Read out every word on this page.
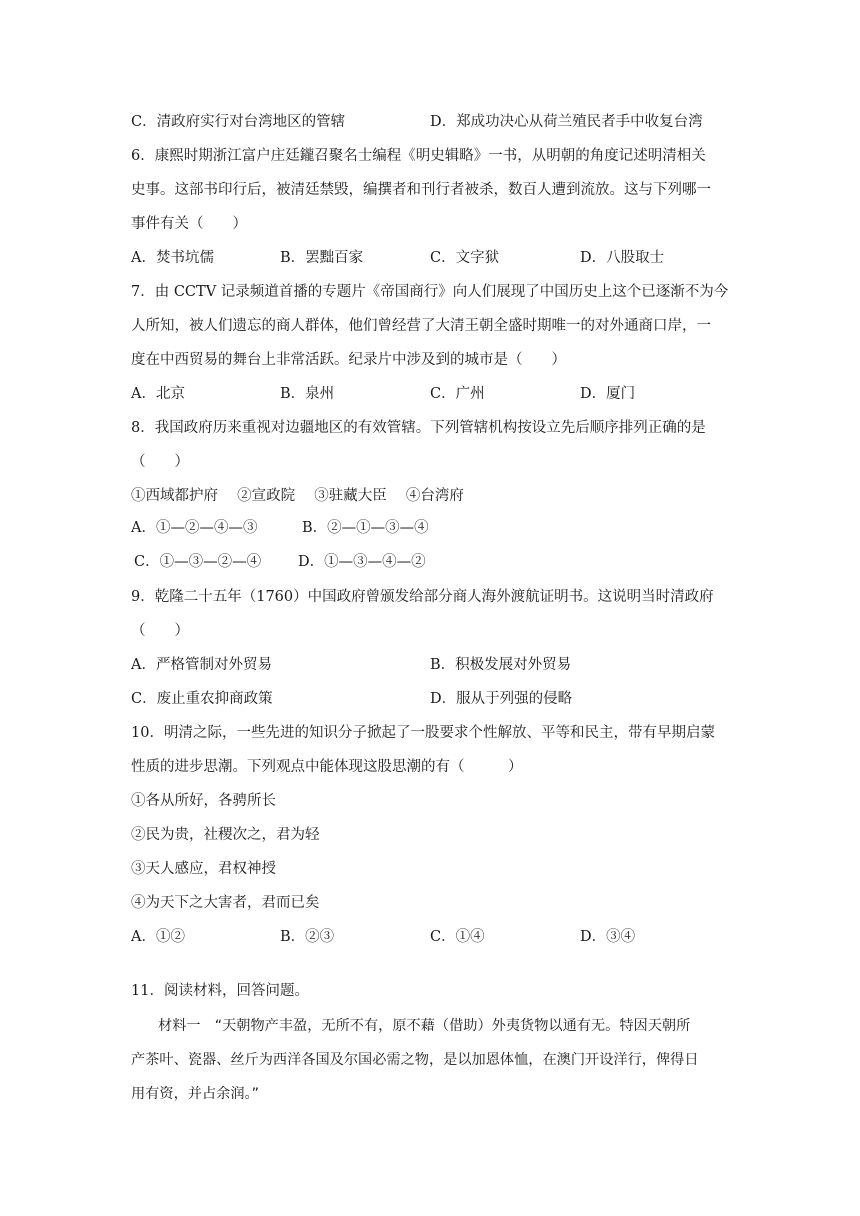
C．清政府实行对台湾地区的管辖	D．郑成功决心从荷兰殖民者手中收复台湾
6．康熙时期浙江富户庄廷鑨召聚名士编程《明史辑略》一书，从明朝的角度记述明清相关
史事。这部书印行后，被清廷禁毁，编撰者和刊行者被杀，数百人遭到流放。这与下列哪一
事件有关（　　）
A．焚书坑儒	B．罢黜百家	C．文字狱	D．八股取士
7．由 CCTV 记录频道首播的专题片《帝国商行》向人们展现了中国历史上这个已逐渐不为今
人所知，被人们遗忘的商人群体，他们曾经营了大清王朝全盛时期唯一的对外通商口岸，一
度在中西贸易的舞台上非常活跃。纪录片中涉及到的城市是（　　）
A．北京	B．泉州	C．广州	D．厦门
8．我国政府历来重视对边疆地区的有效管辖。下列管辖机构按设立先后顺序排列正确的是
（　　）
①西域都护府　 ②宣政院　 ③驻藏大臣　 ④台湾府
A．①—②—④—③	B．②—①—③—④
C．①—③—②—④	D．①—③—④—②
9．乾隆二十五年（1760）中国政府曾颁发给部分商人海外渡航证明书。这说明当时清政府
（　　）
A．严格管制对外贸易	B．积极发展对外贸易
C．废止重农抑商政策	D．服从于列强的侵略
10．明清之际，一些先进的知识分子掀起了一股要求个性解放、平等和民主，带有早期启蒙
性质的进步思潮。下列观点中能体现这股思潮的有（　　　）
①各从所好，各骋所长
②民为贵，社稷次之，君为轻
③天人感应，君权神授
④为天下之大害者，君而已矣
A．①②	B．②③	C．①④	D．③④
11．阅读材料，回答问题。
材料一　“天朝物产丰盈，无所不有，原不藉（借助）外夷货物以通有无。特因天朝所
产茶叶、瓷器、丝斤为西洋各国及尔国必需之物，是以加恩体恤，在澳门开设洋行，俾得日
用有资，并占余润。”
